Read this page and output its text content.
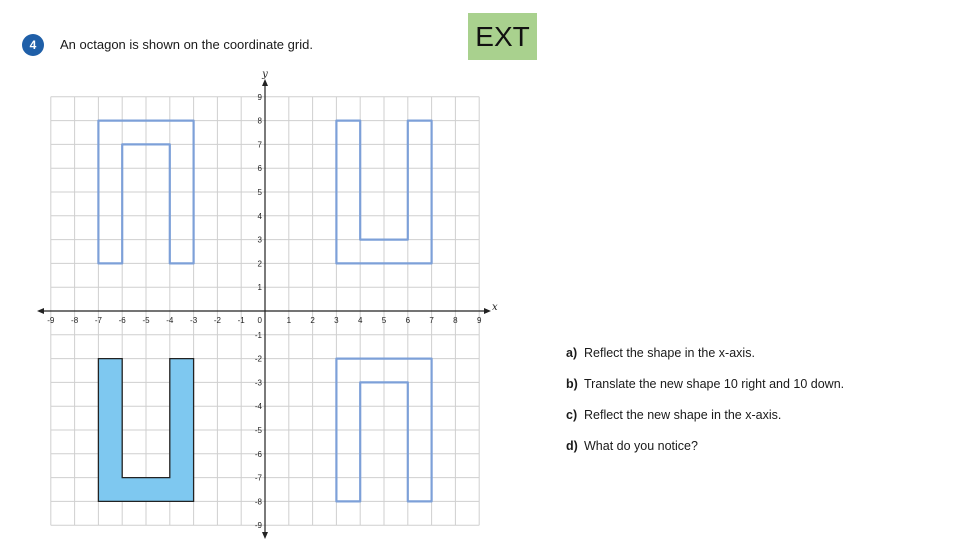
4 An octagon is shown on the coordinate grid.	EXT
-9 -8 -7 -6 -5 -4 -3 -2 -1	1 2 3 4 5 6 7 8 9
9
8
7
6
5
4
3
2
1
-1
-2
-3
-4
-5
-6
-7
-8
-9
0
x
y
a) Reflect the shape in the x-axis.
b) Translate the new shape 10 right and 10 down.
c) Reflect the new shape in the x-axis.
d) What do you notice?
